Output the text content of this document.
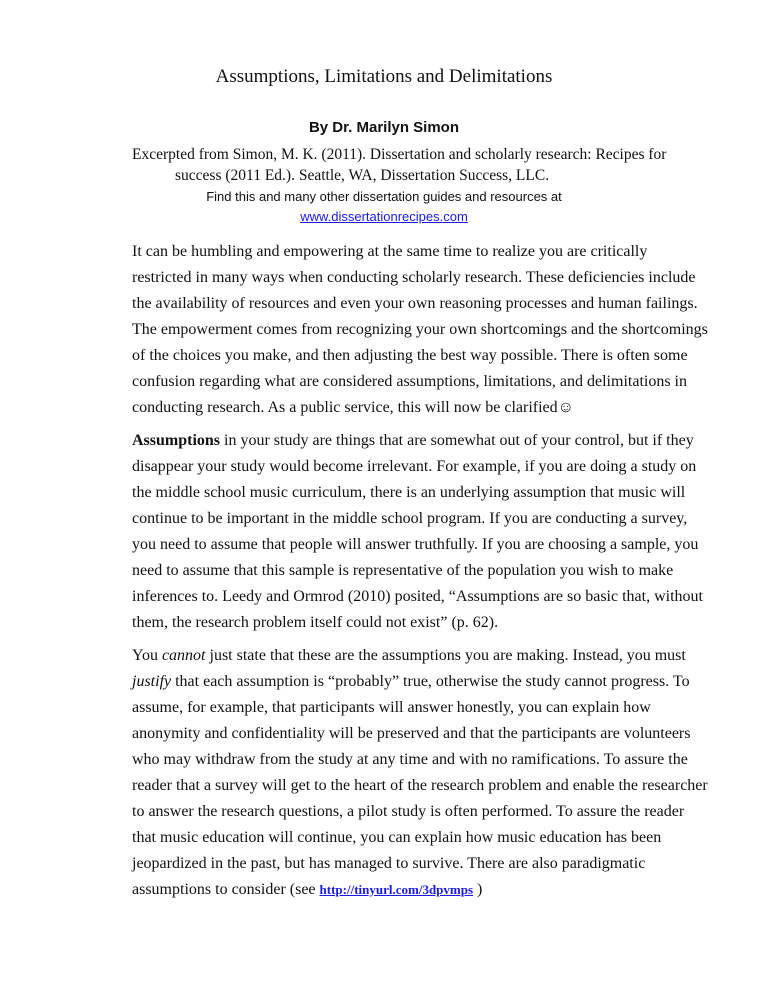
Assumptions, Limitations and Delimitations
By Dr. Marilyn Simon
Excerpted from Simon, M. K. (2011). Dissertation and scholarly research: Recipes for
success (2011 Ed.). Seattle, WA, Dissertation Success, LLC.
Find this and many other dissertation guides and resources at
www.dissertationrecipes.com
It can be humbling and empowering at the same time to realize you are critically
restricted in many ways when conducting scholarly research. These deficiencies include
the availability of resources and even your own reasoning processes and human failings.
The empowerment comes from recognizing your own shortcomings and the shortcomings
of the choices you make, and then adjusting the best way possible. There is often some
confusion regarding what are considered assumptions, limitations, and delimitations in
conducting research. As a public service, this will now be clarified☺
Assumptions in your study are things that are somewhat out of your control, but if they
disappear your study would become irrelevant. For example, if you are doing a study on
the middle school music curriculum, there is an underlying assumption that music will
continue to be important in the middle school program. If you are conducting a survey,
you need to assume that people will answer truthfully. If you are choosing a sample, you
need to assume that this sample is representative of the population you wish to make
inferences to. Leedy and Ormrod (2010) posited, “Assumptions are so basic that, without
them, the research problem itself could not exist” (p. 62).
You cannot just state that these are the assumptions you are making. Instead, you must
justify that each assumption is “probably” true, otherwise the study cannot progress. To
assume, for example, that participants will answer honestly, you can explain how
anonymity and confidentiality will be preserved and that the participants are volunteers
who may withdraw from the study at any time and with no ramifications. To assure the
reader that a survey will get to the heart of the research problem and enable the researcher
to answer the research questions, a pilot study is often performed. To assure the reader
that music education will continue, you can explain how music education has been
jeopardized in the past, but has managed to survive. There are also paradigmatic
assumptions to consider (see http://tinyurl.com/3dpvmps )
